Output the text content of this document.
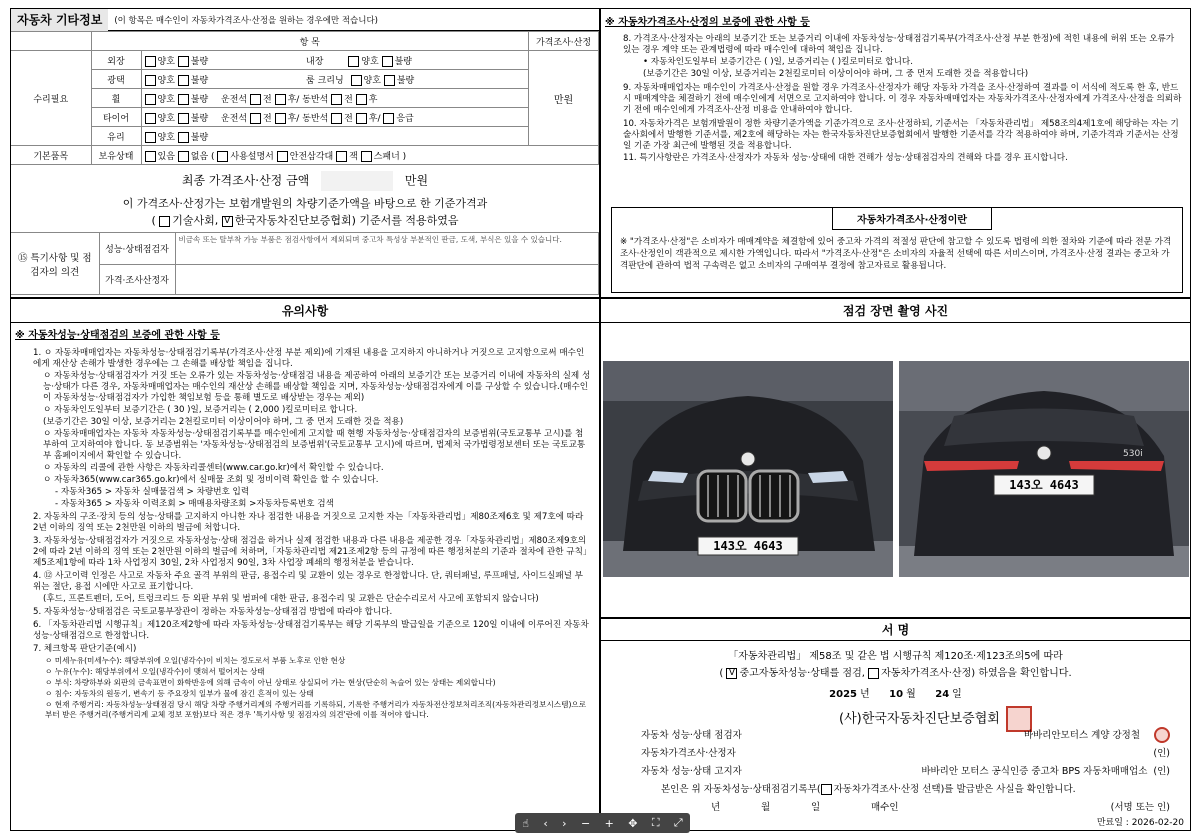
자동차 기타정보	(이 항목은 매수인이 자동차가격조사·산정을 원하는 경우에만 적습니다)
	항 목		가격조사·산정
수리필요	외장	양호 불량 내장 양호 불량	만원
	광택	양호 불량 룸 크리닝 양호 불량	
	휠	양호 불량 운전석 전 후/ 동반석 전 후	
	타이어	양호 불량 운전석 전 후/ 동반석 전 후/ 응급	
	유리	양호 불량	
기본품목	보유상태	있음 없음 ( 사용설명서 안전삼각대 잭 스패너 )	
최종 가격조사·산정 금액	만원
이 가격조사·산정가는 보험개발원의 차량기준가액을 바탕으로 한 기준가격과
( 기술사회, V 한국자동차진단보증협회) 기준서를 적용하였음
⑮ 특기사항 및 점검자의 의견	성능·상태점검자	비금속 또는 탈부착 가능 부품은 점검사항에서 제외되며 중고차 특성상 부분적인 판금, 도색, 부식은 있을 수 있습니다.
	가격·조사산정자	
※ 자동차가격조사·산정의 보증에 관한 사항 등

8. 가격조사·산정자는 아래의 보증기간 또는 보증거리 이내에 자동차성능·상태점검기록부(가격조사·산정 부분 한정)에 적힌 내용에 허위 또는 오류가 있는 경우 계약 또는 관계법령에 따라 매수인에 대하여 책임을 집니다.

• 자동차인도일부터 보증기간은 ( )일, 보증거리는 ( )킬로미터로 합니다.

(보증기간은 30일 이상, 보증거리는 2천킬로미터 이상이어야 하며, 그 중 먼저 도래한 것을 적용합니다)

9. 자동차매매업자는 매수인이 가격조사·산정을 원할 경우 가격조사·산정자가 해당 자동차 가격을 조사·산정하여 결과를 이 서식에 적도록 한 후, 반드시 매매계약을 체결하기 전에 매수인에게 서면으로 고지하여야 합니다. 이 경우 자동차매매업자는 자동차가격조사·산정자에게 가격조사·산정을 의뢰하기 전에 매수인에게 가격조사·산정 비용을 안내하여야 합니다.

10. 자동차가격은 보험개발원이 정한 차량기준가액을 기준가격으로 조사·산정하되, 기준서는 「자동차관리법」 제58조의4제1호에 해당하는 자는 기술사회에서 발행한 기준서를, 제2호에 해당하는 자는 한국자동차진단보증협회에서 발행한 기준서를 각각 적용하여야 하며, 기준가격과 기준서는 산정일 기준 가장 최근에 발행된 것을 적용합니다.

11. 특기사항란은 가격조사·산정자가 자동차 성능·상태에 대한 견해가 성능·상태점검자의 견해와 다를 경우 표시합니다.

자동차가격조사·산정이란
※ "가격조사·산정"은 소비자가 매매계약을 체결함에 있어 중고차 가격의 적절성 판단에 참고할 수 있도록 법령에 의한 절차와 기준에 따라 전문 가격조사·산정인이 객관적으로 제시한 가액입니다. 따라서 "가격조사·산정"은 소비자의 자율적 선택에 따른 서비스이며, 가격조사·산정 결과는 중고차 가격판단에 관하여 법적 구속력은 없고 소비자의 구매여부 결정에 참고자료로 활용됩니다.
유의사항
※ 자동차성능·상태점검의 보증에 관한 사항 등

1. ㅇ 자동차매매업자는 자동차성능·상태점검기록부(가격조사·산정 부분 제외)에 기재된 내용을 고지하지 아니하거나 거짓으로 고지함으로써 매수인에게 재산상 손해가 발생한 경우에는 그 손해를 배상할 책임을 집니다.

ㅇ 자동차성능·상태점검자가 거짓 또는 오류가 있는 자동차성능·상태점검 내용을 제공하여 아래의 보증기간 또는 보증거리 이내에 자동차의 실제 성능·상태가 다른 경우, 자동차매매업자는 매수인의 재산상 손해를 배상할 책임을 지며, 자동차성능·상태점검자에게 이를 구상할 수 있습니다.(매수인이 자동차성능·상태점검자가 가입한 책임보험 등을 통해 별도로 배상받는 경우는 제외)

ㅇ 자동차인도일부터 보증기간은 ( 30 )일, 보증거리는 ( 2,000 )킬로미터로 합니다.

(보증기간은 30일 이상, 보증거리는 2천킬로미터 이상이어야 하며, 그 중 먼저 도래한 것을 적용)

ㅇ 자동차매매업자는 자동차 자동차성능·상태점검기록부를 매수인에게 고지할 때 현행 자동차성능·상태점검자의 보증범위(국토교통부 고시)를 첨부하여 고지하여야 합니다. 동 보증범위는 '자동차성능·상태점검의 보증범위'(국토교통부 고시)에 따르며, 법제처 국가법령정보센터 또는 국토교통부 홈페이지에서 확인할 수 있습니다.

ㅇ 자동차의 리콜에 관한 사항은 자동차리콜센터(www.car.go.kr)에서 확인할 수 있습니다.

ㅇ 자동차365(www.car365.go.kr)에서 실매물 조회 및 정비이력 확인을 할 수 있습니다.

- 자동차365 > 자동차 실매물검색 > 차량번호 입력

- 자동차365 > 자동차 이력조회 > 매매용차량조회 >자동차등록번호 검색

2. 자동차의 구조·장치 등의 성능·상태를 고지하지 아니한 자나 점검한 내용을 거짓으로 고지한 자는「자동차관리법」제80조제6호 및 제7호에 따라 2년 이하의 징역 또는 2천만원 이하의 벌금에 처합니다.

3. 자동차성능·상태점검자가 거짓으로 자동차성능·상태 점검을 하거나 실제 점검한 내용과 다른 내용을 제공한 경우「자동차관리법」제80조제9호의2에 따라 2년 이하의 징역 또는 2천만원 이하의 벌금에 처하며,「자동차관리법 제21조제2항 등의 규정에 따른 행정처분의 기준과 절차에 관한 규칙」제5조제1항에 따라 1차 사업정지 30일, 2차 사업정지 90일, 3차 사업장 폐쇄의 행정처분을 받습니다.

4. ⑫ 사고이력 인정은 사고로 자동차 주요 골격 부위의 판금, 용접수리 및 교환이 있는 경우로 한정합니다. 단, 쿼터패널, 루프패널, 사이드실패널 부위는 절단, 용접 시에만 사고로 표기합니다.

(후드, 프론트펜더, 도어, 트렁크리드 등 외판 부위 및 범퍼에 대한 판금, 용접수리 및 교환은 단순수리로서 사고에 포함되지 않습니다)

5. 자동차성능·상태점검은 국토교통부장관이 정하는 자동차성능·상태점검 방법에 따라야 합니다.

6. 「자동차관리법 시행규칙」제120조제2항에 따라 자동차성능·상태점검기록부는 해당 기록부의 발급일을 기준으로 120일 이내에 이루어진 자동차 성능·상태점검으로 한정합니다.

7. 체크항목 판단기준(예시)

ㅇ 미세누유(미세누수): 해당부위에 오일(냉각수)이 비치는 정도로서 부품 노후로 인한 현상

ㅇ 누유(누수): 해당부위에서 오일(냉각수)이 맺혀서 떨어지는 상태

ㅇ 부식: 차량하부와 외판의 금속표면이 화학반응에 의해 금속이 아닌 상태로 상실되어 가는 현상(단순히 녹슬어 있는 상태는 제외합니다)

ㅇ 침수: 자동차의 원동기, 변속기 등 주요장치 일부가 물에 잠긴 흔적이 있는 상태

ㅇ 현재 주행거리: 자동차성능·상태점검 당시 해당 차량 주행거리계의 주행거리를 기록하되, 기록한 주행거리가 자동차전산정보처리조직(자동차관리정보시스템)으로부터 받은 주행거리(주행거리계 교체 정보 포함)보다 적은 경우 '특기사항 및 점검자의 의견'란에 이를 적어야 합니다.

점검 장면 촬영 사진
143오 4643
143오 4643
530i
서 명
「자동차관리법」 제58조 및 같은 법 시행규칙 제120조·제123조의5에 따라
( V 중고자동차성능·상태를 점검, 자동차가격조사·산정) 하였음을 확인합니다.
2025 년 10 월 24 일
(사)한국자동차진단보증협회
자동차 성능·상태 점검자	바바리안모터스 계양 강정철
자동차가격조사·산정자	(인)
자동차 성능·상태 고지자	바바리안 모터스 공식인증 중고차 BPS 자동차매매업소 (인)
본인은 위 자동차성능·상태점검기록부( 자동차가격조사·산정 선택)를 발급받은 사실을 확인합니다.
년	월	일	매수인	(서명 또는 인)
만료일 : 2026-02-20
☝ ‹ › − + ✥ ⛶ ⤢
